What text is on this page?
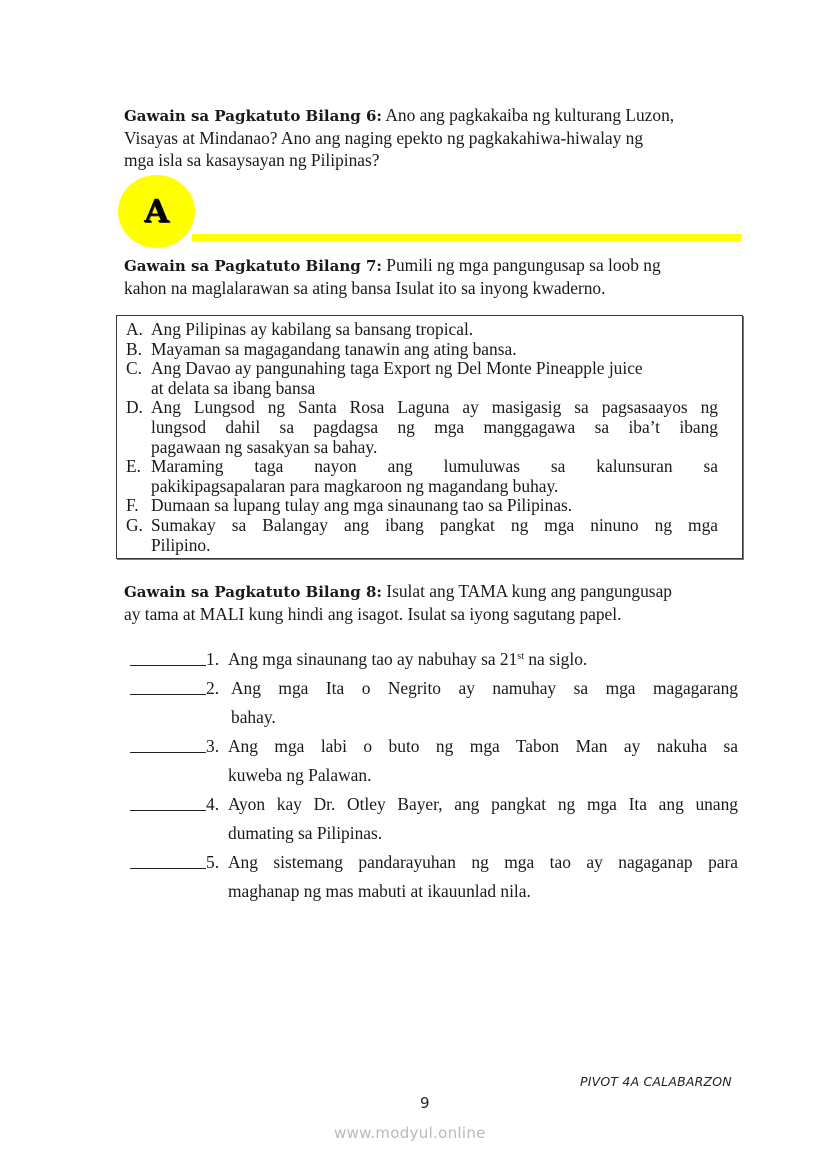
Gawain sa Pagkatuto Bilang 6: Ano ang pagkakaiba ng kulturang Luzon,
Visayas at Mindanao? Ano ang naging epekto ng pagkakahiwa-hiwalay ng
mga isla sa kasaysayan ng Pilipinas?
A
Gawain sa Pagkatuto Bilang 7: Pumili ng mga pangungusap sa loob ng
kahon na maglalarawan sa ating bansa Isulat ito sa inyong kwaderno.
A. Ang Pilipinas ay kabilang sa bansang tropical.
B. Mayaman sa magagandang tanawin ang ating bansa.
C. Ang Davao ay pangunahing taga Export ng Del Monte Pineapple juice
at delata sa ibang bansa
D. Ang Lungsod ng Santa Rosa Laguna ay masigasig sa pagsasaayos ng
lungsod dahil sa pagdagsa ng mga manggagawa sa iba’t ibang
pagawaan ng sasakyan sa bahay.
E. Maraming taga nayon ang lumuluwas sa kalunsuran sa
pakikipagsapalaran para magkaroon ng magandang buhay.
F. Dumaan sa lupang tulay ang mga sinaunang tao sa Pilipinas.
G. Sumakay sa Balangay ang ibang pangkat ng mga ninuno ng mga
Pilipino.
Gawain sa Pagkatuto Bilang 8: Isulat ang TAMA kung ang pangungusap
ay tama at MALI kung hindi ang isagot. Isulat sa iyong sagutang papel.
1. Ang mga sinaunang tao ay nabuhay sa 21st na siglo.
2. Ang mga Ita o Negrito ay namuhay sa mga magagarang
bahay.
3. Ang mga labi o buto ng mga Tabon Man ay nakuha sa
kuweba ng Palawan.
4. Ayon kay Dr. Otley Bayer, ang pangkat ng mga Ita ang unang
dumating sa Pilipinas.
5. Ang sistemang pandarayuhan ng mga tao ay nagaganap para
maghanap ng mas mabuti at ikauunlad nila.
PIVOT 4A CALABARZON
9
www.modyul.online
